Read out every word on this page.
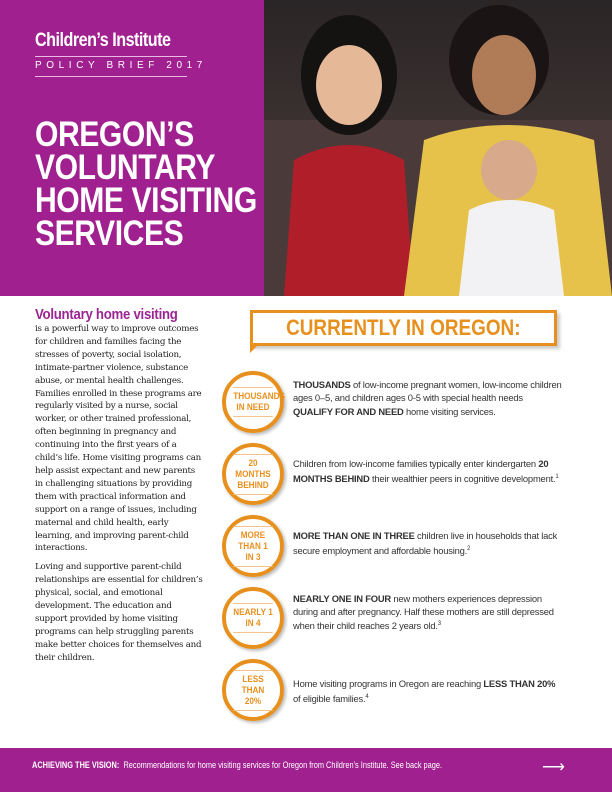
Children’s Institute
POLICY BRIEF 2017
OREGON’S
VOLUNTARY
HOME VISITING
SERVICES
Voluntary home visiting

is a powerful way to improve outcomes for children and families facing the stresses of poverty, social isolation, intimate-partner violence, substance abuse, or mental health challenges. Families enrolled in these programs are regularly visited by a nurse, social worker, or other trained professional, often beginning in pregnancy and continuing into the first years of a child’s life. Home visiting programs can help assist expectant and new parents in challenging situations by providing them with practical information and support on a range of issues, including maternal and child health, early learning, and improving parent-child interactions.

Loving and supportive parent-child relationships are essential for children’s physical, social, and emotional development. The education and support provided by home visiting programs can help struggling parents make better choices for themselves and their children.

CURRENTLY IN OREGON:
THOUSANDS IN NEED
THOUSANDS of low-income pregnant women, low-income children ages 0–5, and children ages 0-5 with special health needs QUALIFY FOR AND NEED home visiting services.
20 MONTHS BEHIND
Children from low-income families typically enter kindergarten 20 MONTHS BEHIND their wealthier peers in cognitive development.$^1$
MORE THAN 1 IN 3
MORE THAN ONE IN THREE children live in households that lack secure employment and affordable housing.$^2$
NEARLY 1 IN 4
NEARLY ONE IN FOUR new mothers experiences depression during and after pregnancy. Half these mothers are still depressed when their child reaches 2 years old.$^3$
LESS THAN 20%
Home visiting programs in Oregon are reaching LESS THAN 20% of eligible families.$^4$
ACHIEVING THE VISION: Recommendations for home visiting services for Oregon from Children’s Institute. See back page.	⟶
